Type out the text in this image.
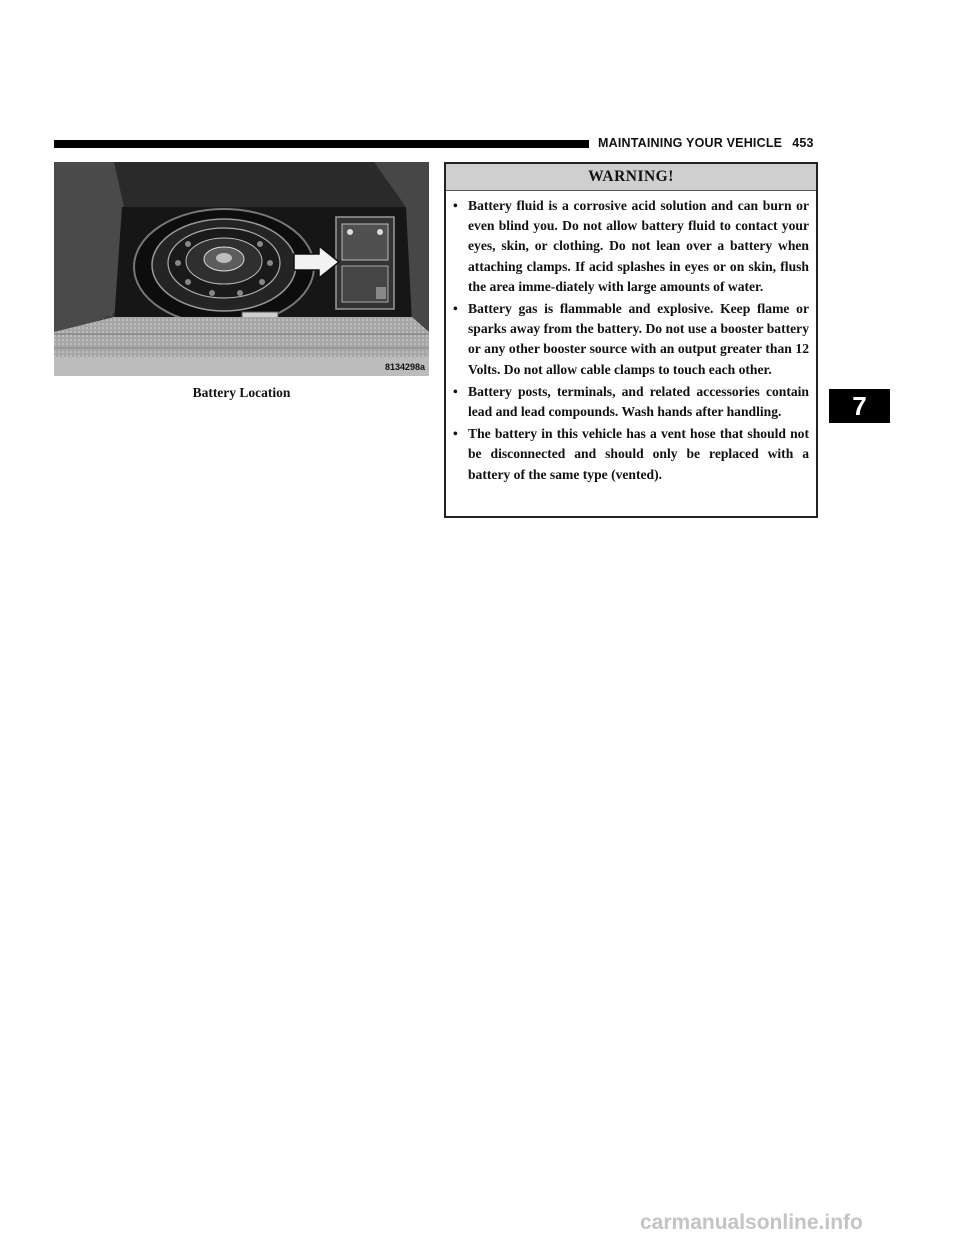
MAINTAINING YOUR VEHICLE 453
8134298a
Battery Location
WARNING!
• Battery fluid is a corrosive acid solution and can burn or even blind you. Do not allow battery fluid to contact your eyes, skin, or clothing. Do not lean over a battery when attaching clamps. If acid splashes in eyes or on skin, flush the area imme-diately with large amounts of water.
• Battery gas is flammable and explosive. Keep flame or sparks away from the battery. Do not use a booster battery or any other booster source with an output greater than 12 Volts. Do not allow cable clamps to touch each other.
• Battery posts, terminals, and related accessories contain lead and lead compounds. Wash hands after handling.
• The battery in this vehicle has a vent hose that should not be disconnected and should only be replaced with a battery of the same type (vented).
7
carmanualsonline.info
